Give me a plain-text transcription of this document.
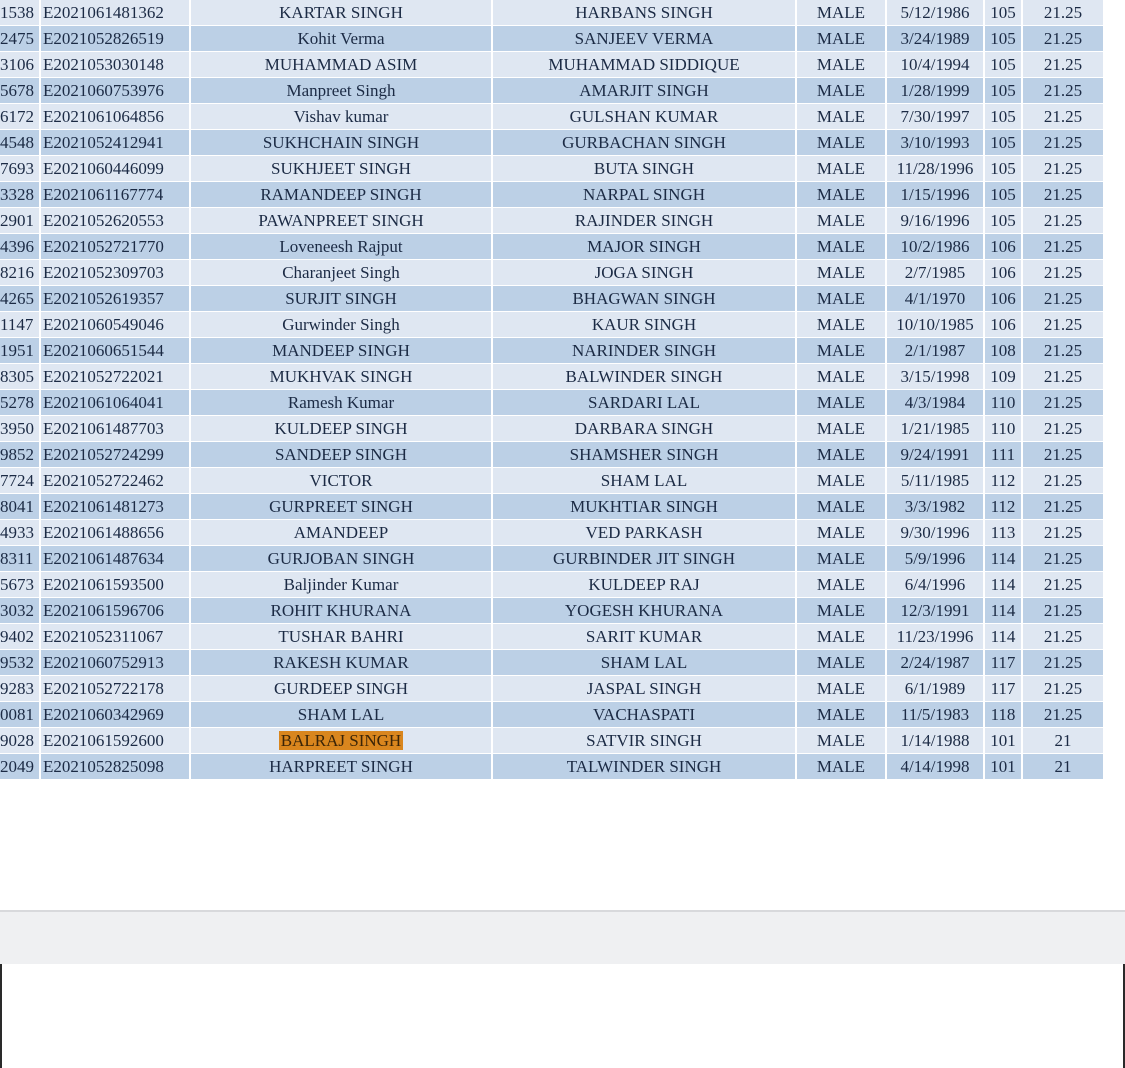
1538	E2021061481362	KARTAR SINGH	HARBANS SINGH	MALE	5/12/1986	105	21.25
2475	E2021052826519	Kohit Verma	SANJEEV VERMA	MALE	3/24/1989	105	21.25
3106	E2021053030148	MUHAMMAD ASIM	MUHAMMAD SIDDIQUE	MALE	10/4/1994	105	21.25
5678	E2021060753976	Manpreet Singh	AMARJIT SINGH	MALE	1/28/1999	105	21.25
6172	E2021061064856	Vishav kumar	GULSHAN KUMAR	MALE	7/30/1997	105	21.25
4548	E2021052412941	SUKHCHAIN SINGH	GURBACHAN SINGH	MALE	3/10/1993	105	21.25
7693	E2021060446099	SUKHJEET SINGH	BUTA SINGH	MALE	11/28/1996	105	21.25
3328	E2021061167774	RAMANDEEP SINGH	NARPAL SINGH	MALE	1/15/1996	105	21.25
2901	E2021052620553	PAWANPREET SINGH	RAJINDER SINGH	MALE	9/16/1996	105	21.25
4396	E2021052721770	Loveneesh Rajput	MAJOR SINGH	MALE	10/2/1986	106	21.25
8216	E2021052309703	Charanjeet Singh	JOGA SINGH	MALE	2/7/1985	106	21.25
4265	E2021052619357	SURJIT SINGH	BHAGWAN SINGH	MALE	4/1/1970	106	21.25
1147	E2021060549046	Gurwinder Singh	KAUR SINGH	MALE	10/10/1985	106	21.25
1951	E2021060651544	MANDEEP SINGH	NARINDER SINGH	MALE	2/1/1987	108	21.25
8305	E2021052722021	MUKHVAK SINGH	BALWINDER SINGH	MALE	3/15/1998	109	21.25
5278	E2021061064041	Ramesh Kumar	SARDARI LAL	MALE	4/3/1984	110	21.25
3950	E2021061487703	KULDEEP SINGH	DARBARA SINGH	MALE	1/21/1985	110	21.25
9852	E2021052724299	SANDEEP SINGH	SHAMSHER SINGH	MALE	9/24/1991	111	21.25
7724	E2021052722462	VICTOR	SHAM LAL	MALE	5/11/1985	112	21.25
8041	E2021061481273	GURPREET SINGH	MUKHTIAR SINGH	MALE	3/3/1982	112	21.25
4933	E2021061488656	AMANDEEP	VED PARKASH	MALE	9/30/1996	113	21.25
8311	E2021061487634	GURJOBAN SINGH	GURBINDER JIT SINGH	MALE	5/9/1996	114	21.25
5673	E2021061593500	Baljinder Kumar	KULDEEP RAJ	MALE	6/4/1996	114	21.25
3032	E2021061596706	ROHIT KHURANA	YOGESH KHURANA	MALE	12/3/1991	114	21.25
9402	E2021052311067	TUSHAR BAHRI	SARIT KUMAR	MALE	11/23/1996	114	21.25
9532	E2021060752913	RAKESH KUMAR	SHAM LAL	MALE	2/24/1987	117	21.25
9283	E2021052722178	GURDEEP SINGH	JASPAL SINGH	MALE	6/1/1989	117	21.25
0081	E2021060342969	SHAM LAL	VACHASPATI	MALE	11/5/1983	118	21.25
9028	E2021061592600	BALRAJ SINGH	SATVIR SINGH	MALE	1/14/1988	101	21
2049	E2021052825098	HARPREET SINGH	TALWINDER SINGH	MALE	4/14/1998	101	21
